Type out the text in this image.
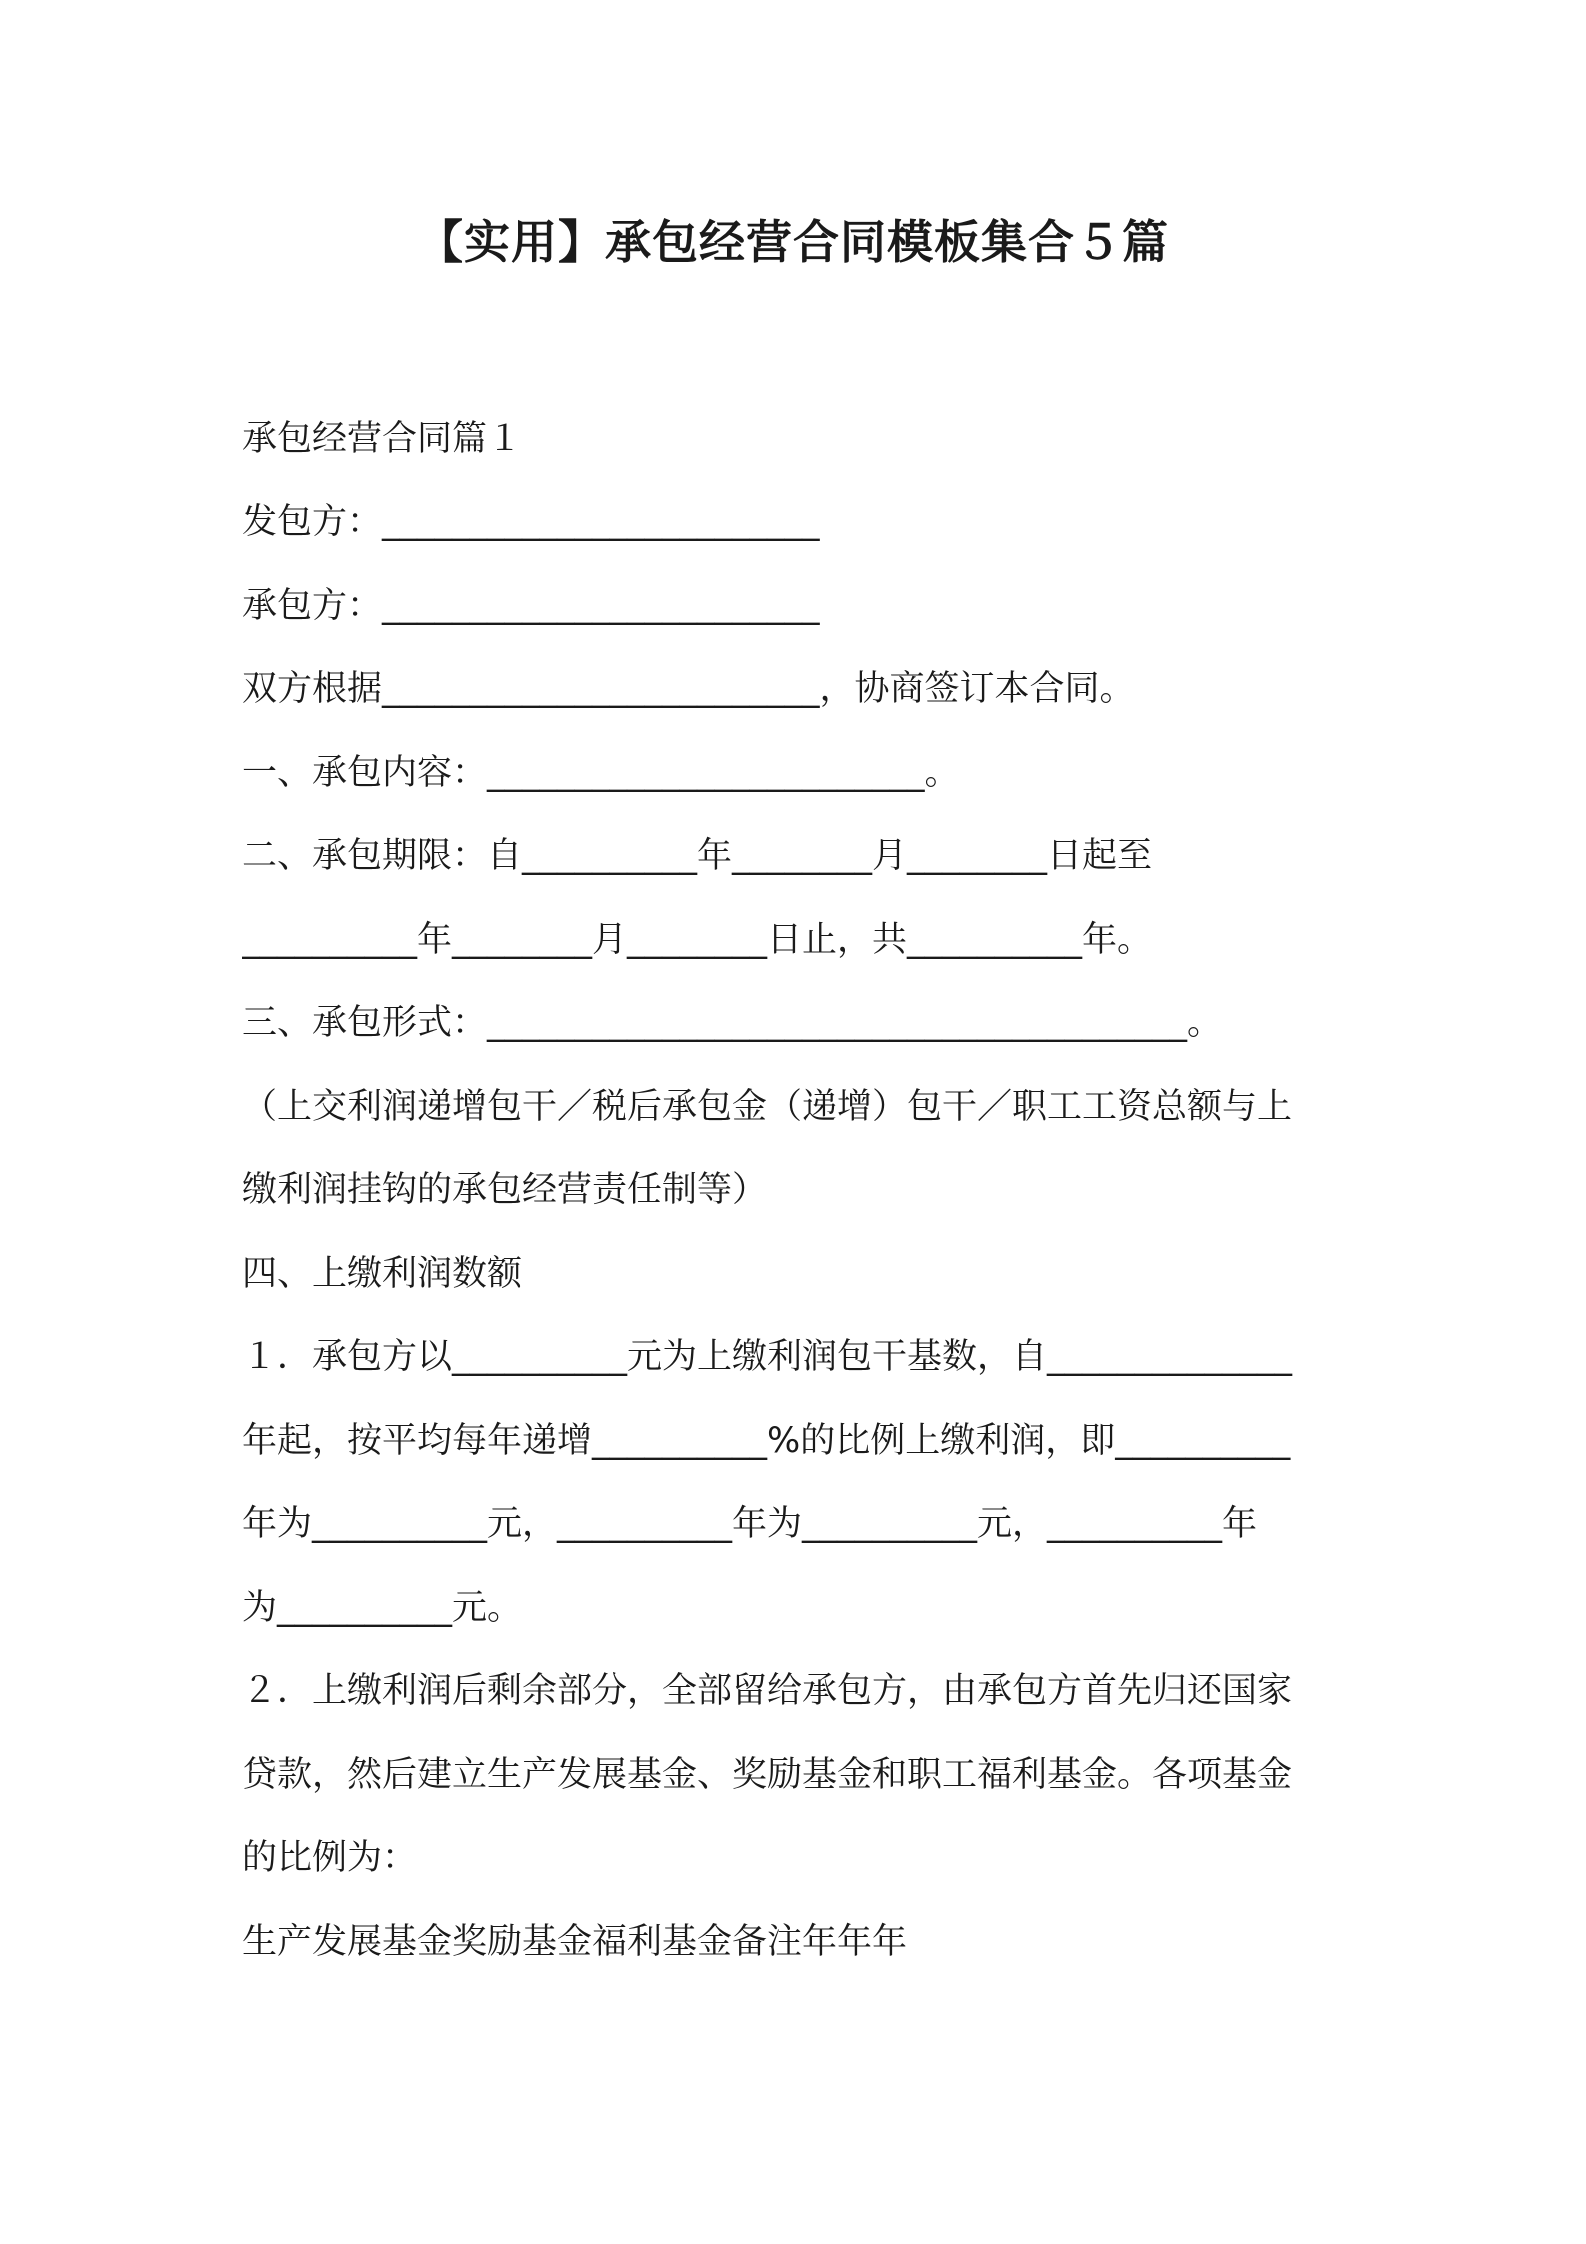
【实用】承包经营合同模板集合５篇
承包经营合同篇１
发包方：_________________________
承包方：_________________________
双方根据_________________________，协商签订本合同。
一、承包内容：_________________________。
二、承包期限：自__________年________月________日起至
__________年________月________日止，共__________年。
三、承包形式：________________________________________。
（上交利润递增包干／税后承包金（递增）包干／职工工资总额与上
缴利润挂钩的承包经营责任制等）
四、上缴利润数额
１．承包方以__________元为上缴利润包干基数，自______________
年起，按平均每年递增__________%的比例上缴利润，即__________
年为__________元，__________年为__________元，__________年
为__________元。
２．上缴利润后剩余部分，全部留给承包方，由承包方首先归还国家
贷款，然后建立生产发展基金、奖励基金和职工福利基金。各项基金
的比例为：
生产发展基金奖励基金福利基金备注年年年
